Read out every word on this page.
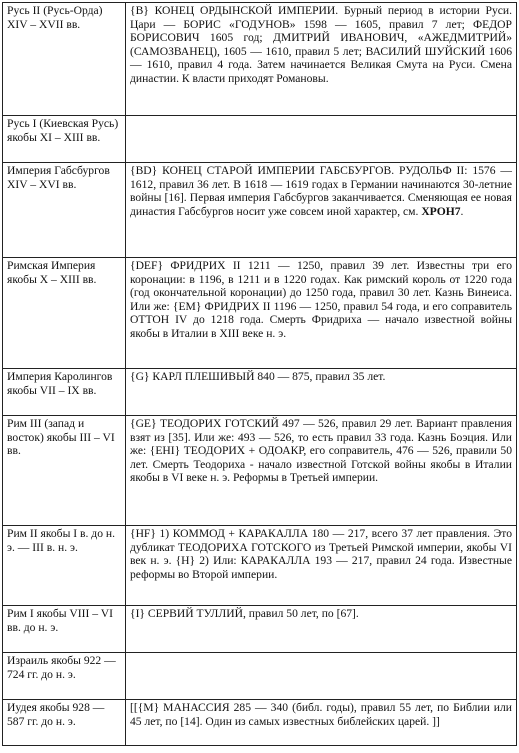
Русь II (Русь-Орда) XIV – XVII вв.	{B} КОНЕЦ ОРДЫНСКОЙ ИМПЕРИИ. Бурный период в истории Руси. Цари — БОРИС «ГОДУНОВ» 1598 — 1605, правил 7 лет; ФЕДОР БОРИСОВИЧ 1605 год; ДМИТРИЙ ИВАНОВИЧ, «АЖЕДМИТРИЙ» (САМОЗВАНЕЦ), 1605 — 1610, правил 5 лет; ВАСИЛИЙ ШУЙСКИЙ 1606 — 1610, правил 4 года. Затем начинается Великая Смута на Руси. Смена династии. К власти приходят Романовы.
Русь I (Киевская Русь) якобы XI – XIII вв.	
Империя Габсбургов XIV – XVI вв.	{BD} КОНЕЦ СТАРОЙ ИМПЕРИИ ГАБСБУРГОВ. РУДОЛЬФ II: 1576 — 1612, правил 36 лет. В 1618 — 1619 годах в Германии начинаются 30-летние войны [16]. Первая империя Габсбургов заканчивается. Сменяющая ее новая династия Габсбургов носит уже совсем иной характер, см. ХРОН7.
Римская Империя якобы X – XIII вв.	{DEF} ФРИДРИХ II 1211 — 1250, правил 39 лет. Известны три его коронации: в 1196, в 1211 и в 1220 годах. Как римский король от 1220 года (год окончательной коронации) до 1250 года, правил 30 лет. Казнь Винеиса. Или же: {EM} ФРИДРИХ II 1196 — 1250, правил 54 года, и его соправитель ОТТОН IV до 1218 года. Смерть Фридриха — начало известной войны якобы в Италии в XIII веке н. э.
Империя Каролингов якобы VII – IX вв.	{G} КАРЛ ПЛЕШИВЫЙ 840 — 875, правил 35 лет.
Рим III (запад и восток) якобы III – VI вв.	{GE} ТЕОДОРИХ ГОТСКИЙ 497 — 526, правил 29 лет. Вариант правления взят из [35]. Или же: 493 — 526, то есть правил 33 года. Казнь Боэция. Или же: {EHI} ТЕОДОРИХ + ОДОАКР, его соправитель, 476 — 526, правили 50 лет. Смерть Теодориха - начало известной Готской войны якобы в Италии якобы в VI веке н. э. Реформы в Третьей империи.
Рим II якобы I в. до н. э. — III в. н. э.	{HF} 1) КОММОД + КАРАКАЛЛА 180 — 217, всего 37 лет правления. Это дубликат ТЕОДОРИХА ГОТСКОГО из Третьей Римской империи, якобы VI век н. э. {H} 2) Или: КАРАКАЛЛА 193 — 217, правил 24 года. Известные реформы во Второй империи.
Рим I якобы VIII – VI вв. до н. э.	{I} СЕРВИЙ ТУЛЛИЙ, правил 50 лет, по [67].
Израиль якобы 922 — 724 гг. до н. э.	
Иудея якобы 928 — 587 гг. до н. э.	[[{M} МАНАССИЯ 285 — 340 (библ. годы), правил 55 лет, по Библии или 45 лет, по [14]. Один из самых известных библейских царей. ]]
